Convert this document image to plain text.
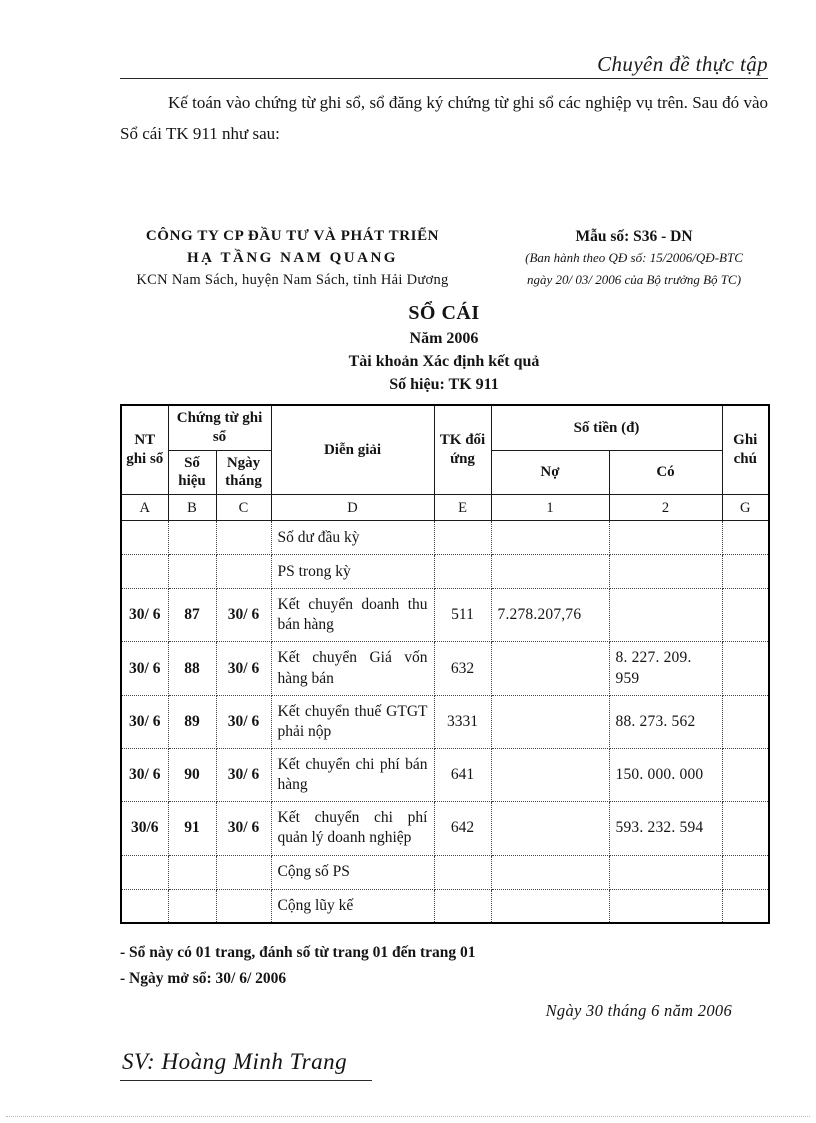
Chuyên đề thực tập

Kế toán vào chứng từ ghi sổ, sổ đăng ký chứng từ ghi sổ các nghiệp vụ trên. Sau đó vào Sổ cái TK 911 như sau:

CÔNG TY CP ĐẦU TƯ VÀ PHÁT TRIỂN
HẠ TẦNG NAM QUANG
KCN Nam Sách, huyện Nam Sách, tỉnh Hải Dương
Mẫu số: S36 - DN
(Ban hành theo QĐ số: 15/2006/QĐ-BTC
ngày 20/ 03/ 2006 của Bộ trưởng Bộ TC)
SỔ CÁI
Năm 2006
Tài khoản Xác định kết quả
Số hiệu: TK 911
NT ghi sổ	Chứng từ ghi sổ		Diễn giải	TK đối ứng	Số tiền (đ)		Ghi chú
	Số hiệu	Ngày tháng			Nợ	Có	
A	B	C	D	E	1	2	G
			Số dư đầu kỳ				
			PS trong kỳ				
30/ 6	87	30/ 6	Kết chuyển doanh thu bán hàng	511	7.278.207,76		
30/ 6	88	30/ 6	Kết chuyển Giá vốn hàng bán	632		8. 227. 209. 959	
30/ 6	89	30/ 6	Kết chuyển thuế GTGT phải nộp	3331		88. 273. 562	
30/ 6	90	30/ 6	Kết chuyển chi phí bán hàng	641		150. 000. 000	
30/6	91	30/ 6	Kết chuyển chi phí quản lý doanh nghiệp	642		593. 232. 594	
			Cộng số PS				
			Cộng lũy kế				
- Sổ này có 01 trang, đánh số từ trang 01 đến trang 01
- Ngày mở sổ: 30/ 6/ 2006
Ngày 30 tháng 6 năm 2006
SV: Hoàng Minh Trang
